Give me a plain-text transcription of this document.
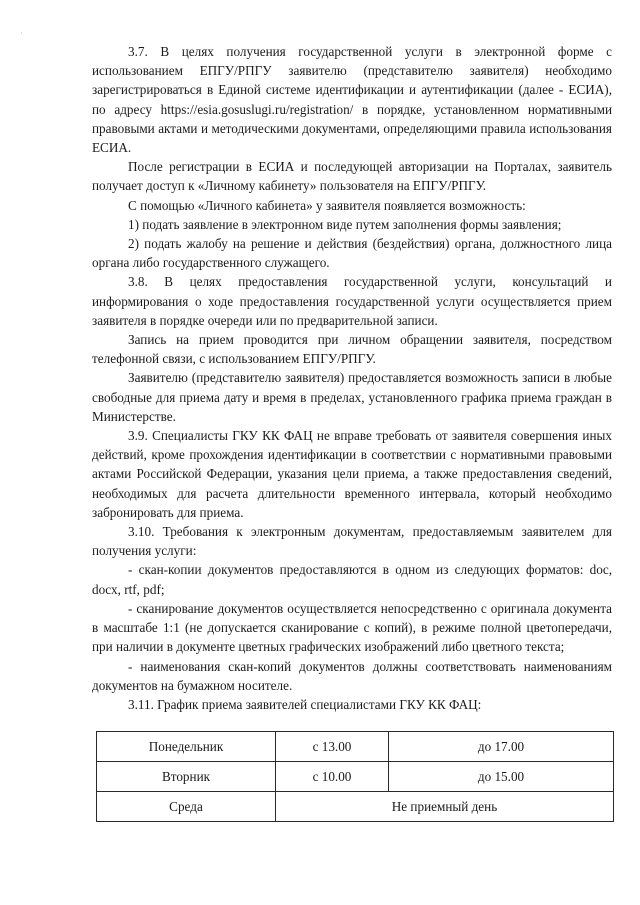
·

3.7. В целях получения государственной услуги в электронной форме с использованием ЕПГУ/РПГУ заявителю (представителю заявителя) необходимо зарегистрироваться в Единой системе идентификации и аутентификации (далее - ЕСИА), по адресу https://esia.gosuslugi.ru/registration/ в порядке, установленном нормативными правовыми актами и методическими документами, определяющими правила использования ЕСИА.

После регистрации в ЕСИА и последующей авторизации на Порталах, заявитель получает доступ к «Личному кабинету» пользователя на ЕПГУ/РПГУ.

С помощью «Личного кабинета» у заявителя появляется возможность:

1) подать заявление в электронном виде путем заполнения формы заявления;

2) подать жалобу на решение и действия (бездействия) органа, должностного лица органа либо государственного служащего.

3.8. В целях предоставления государственной услуги, консультаций и информирования о ходе предоставления государственной услуги осуществляется прием заявителя в порядке очереди или по предварительной записи.

Запись на прием проводится при личном обращении заявителя, посредством телефонной связи, с использованием ЕПГУ/РПГУ.

Заявителю (представителю заявителя) предоставляется возможность записи в любые свободные для приема дату и время в пределах, установленного графика приема граждан в Министерстве.

3.9. Специалисты ГКУ КК ФАЦ не вправе требовать от заявителя совершения иных действий, кроме прохождения идентификации в соответствии с нормативными правовыми актами Российской Федерации, указания цели приема, а также предоставления сведений, необходимых для расчета длительности временного интервала, который необходимо забронировать для приема.

3.10. Требования к электронным документам, предоставляемым заявителем для получения услуги:

- скан-копии документов предоставляются в одном из следующих форматов: doc, docx, rtf, pdf;

- сканирование документов осуществляется непосредственно с оригинала документа в масштабе 1:1 (не допускается сканирование с копий), в режиме полной цветопередачи, при наличии в документе цветных графических изображений либо цветного текста;

- наименования скан-копий документов должны соответствовать наименованиям документов на бумажном носителе.

3.11. График приема заявителей специалистами ГКУ КК ФАЦ:

Понедельник	с 13.00	до 17.00
Вторник	с 10.00	до 15.00
Среда	Не приемный день	
